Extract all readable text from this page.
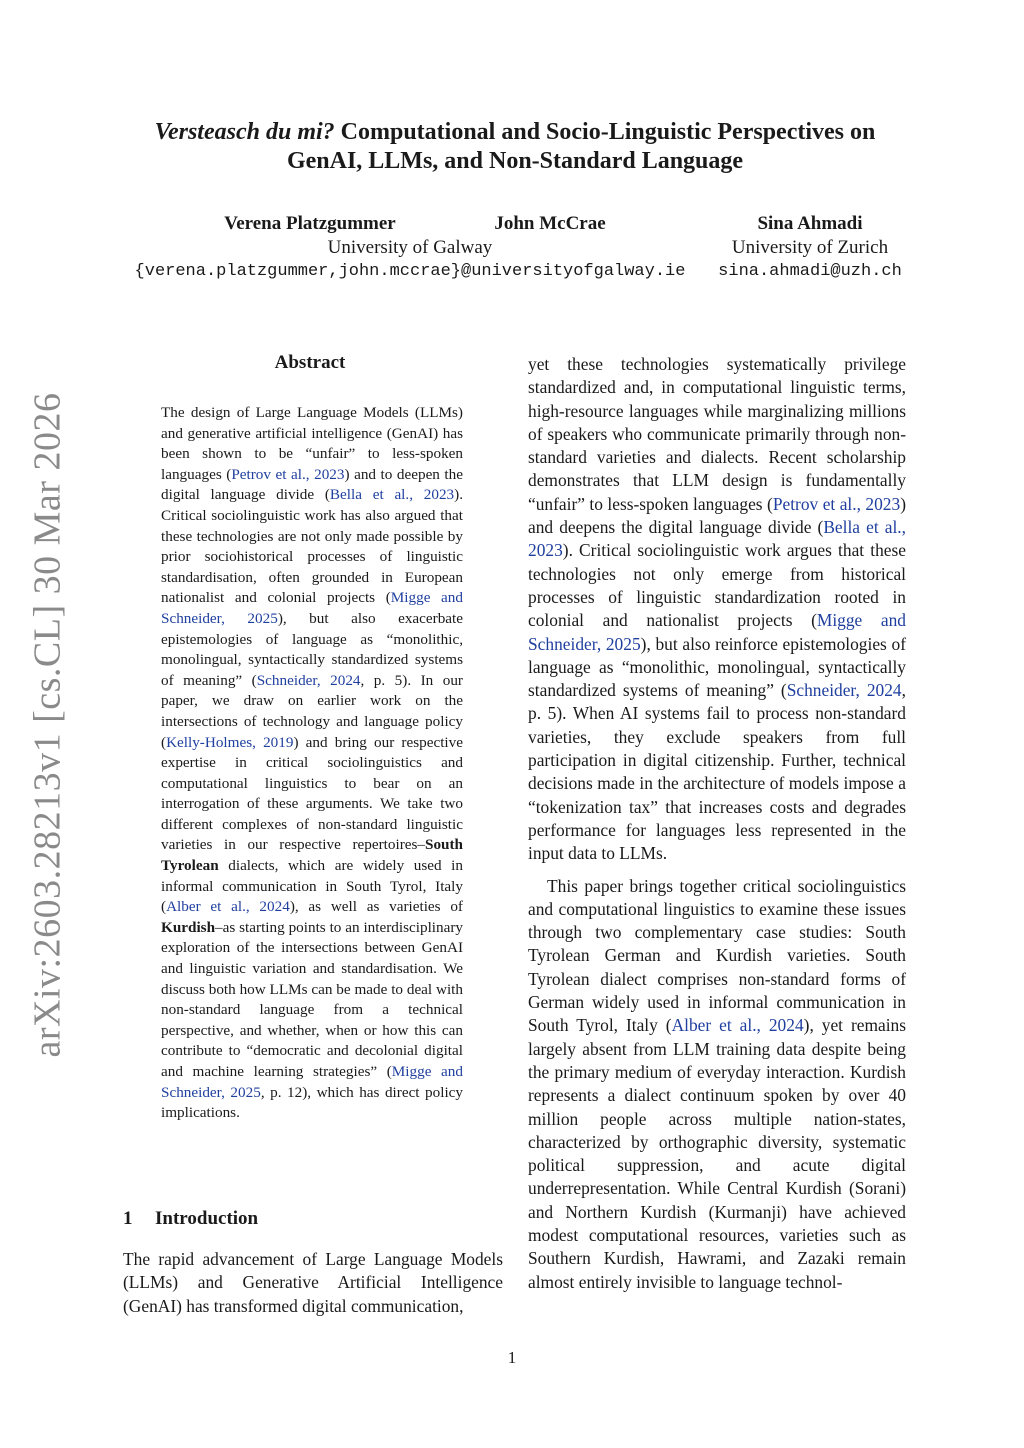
arXiv:2603.28213v1 [cs.CL] 30 Mar 2026
Versteasch du mi? Computational and Socio-Linguistic Perspectives on
GenAI, LLMs, and Non-Standard Language
Verena Platzgummer	John McCrae
University of Galway
{verena.platzgummer,john.mccrae}@universityofgalway.ie
Sina Ahmadi
University of Zurich
sina.ahmadi@uzh.ch
Abstract
The design of Large Language Models (LLMs) and generative artificial intelligence (GenAI) has been shown to be “unfair” to less-spoken languages (Petrov et al., 2023) and to deepen the digital language divide (Bella et al., 2023). Critical sociolinguistic work has also argued that these technologies are not only made possible by prior sociohistorical processes of linguistic standardisation, often grounded in European nationalist and colonial projects (Migge and Schneider, 2025), but also exacerbate epistemologies of language as “monolithic, monolingual, syntactically standardized systems of meaning” (Schneider, 2024, p. 5). In our paper, we draw on earlier work on the intersections of technology and language policy (Kelly-Holmes, 2019) and bring our respective expertise in critical sociolinguistics and computational linguistics to bear on an interrogation of these arguments. We take two different complexes of non-standard linguistic varieties in our respective repertoires–South Tyrolean dialects, which are widely used in informal communication in South Tyrol, Italy (Alber et al., 2024), as well as varieties of Kurdish–as starting points to an interdisciplinary exploration of the intersections between GenAI and linguistic variation and standardisation. We discuss both how LLMs can be made to deal with non-standard language from a technical perspective, and whether, when or how this can contribute to “democratic and decolonial digital and machine learning strategies” (Migge and Schneider, 2025, p. 12), which has direct policy implications.
1 Introduction
The rapid advancement of Large Language Models (LLMs) and Generative Artificial Intelligence (GenAI) has transformed digital communication,

yet these technologies systematically privilege standardized and, in computational linguistic terms, high-resource languages while marginalizing millions of speakers who communicate primarily through non-standard varieties and dialects. Recent scholarship demonstrates that LLM design is fundamentally “unfair” to less-spoken languages (Petrov et al., 2023) and deepens the digital language divide (Bella et al., 2023). Critical sociolinguistic work argues that these technologies not only emerge from historical processes of linguistic standardization rooted in colonial and nationalist projects (Migge and Schneider, 2025), but also reinforce epistemologies of language as “monolithic, monolingual, syntactically standardized systems of meaning” (Schneider, 2024, p. 5). When AI systems fail to process non-standard varieties, they exclude speakers from full participation in digital citizenship. Further, technical decisions made in the architecture of models impose a “tokenization tax” that increases costs and degrades performance for languages less represented in the input data to LLMs.

This paper brings together critical sociolinguistics and computational linguistics to examine these issues through two complementary case studies: South Tyrolean German and Kurdish varieties. South Tyrolean dialect comprises non-standard forms of German widely used in informal communication in South Tyrol, Italy (Alber et al., 2024), yet remains largely absent from LLM training data despite being the primary medium of everyday interaction. Kurdish represents a dialect continuum spoken by over 40 million people across multiple nation-states, characterized by orthographic diversity, systematic political suppression, and acute digital underrepresentation. While Central Kurdish (Sorani) and Northern Kurdish (Kurmanji) have achieved modest computational resources, varieties such as Southern Kurdish, Hawrami, and Zazaki remain almost entirely invisible to language technol-

1
